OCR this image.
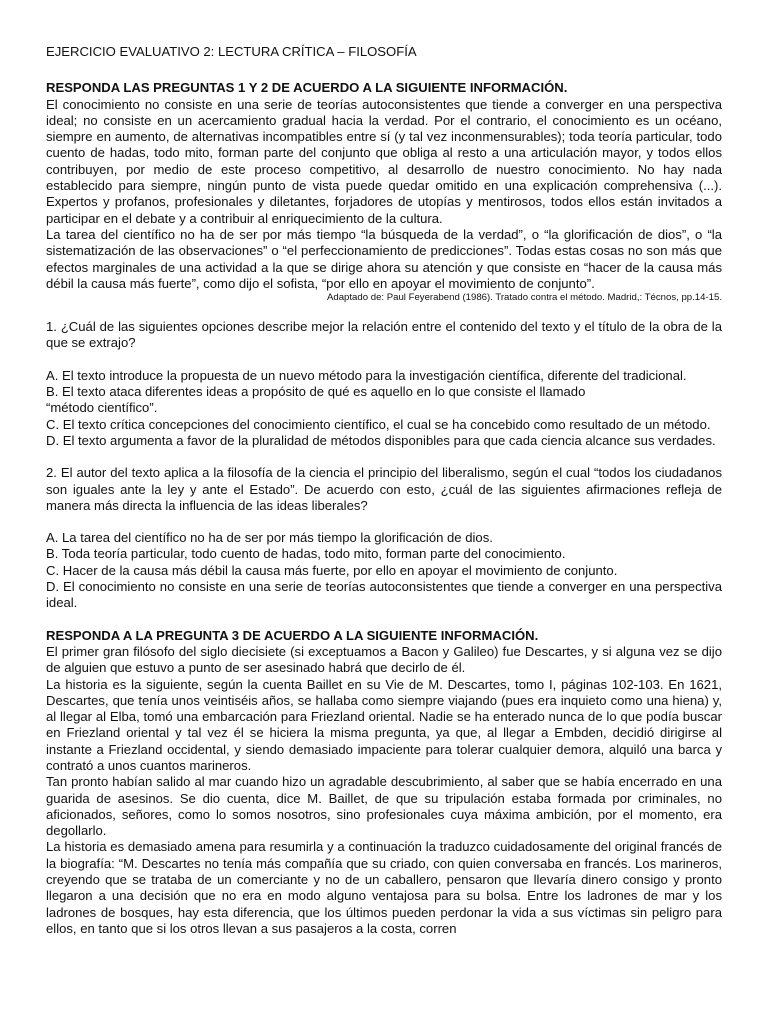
EJERCICIO EVALUATIVO 2: LECTURA CRÍTICA – FILOSOFÍA
RESPONDA LAS PREGUNTAS 1 Y 2 DE ACUERDO A LA SIGUIENTE INFORMACIÓN.

El conocimiento no consiste en una serie de teorías autoconsistentes que tiende a converger en una perspectiva ideal; no consiste en un acercamiento gradual hacia la verdad. Por el contrario, el conocimiento es un océano, siempre en aumento, de alternativas incompatibles entre sí (y tal vez inconmensurables); toda teoría particular, todo cuento de hadas, todo mito, forman parte del conjunto que obliga al resto a una articulación mayor, y todos ellos contribuyen, por medio de este proceso competitivo, al desarrollo de nuestro conocimiento. No hay nada establecido para siempre, ningún punto de vista puede quedar omitido en una explicación comprehensiva (...). Expertos y profanos, profesionales y diletantes, forjadores de utopías y mentirosos, todos ellos están invitados a participar en el debate y a contribuir al enriquecimiento de la cultura.

La tarea del científico no ha de ser por más tiempo “la búsqueda de la verdad”, o “la glorificación de dios”, o “la sistematización de las observaciones” o “el perfeccionamiento de predicciones”. Todas estas cosas no son más que efectos marginales de una actividad a la que se dirige ahora su atención y que consiste en “hacer de la causa más débil la causa más fuerte”, como dijo el sofista, “por ello en apoyar el movimiento de conjunto”.

Adaptado de: Paul Feyerabend (1986). Tratado contra el método. Madrid,: Técnos, pp.14-15.

1. ¿Cuál de las siguientes opciones describe mejor la relación entre el contenido del texto y el título de la obra de la que se extrajo?

A. El texto introduce la propuesta de un nuevo método para la investigación científica, diferente del tradicional.

B. El texto ataca diferentes ideas a propósito de qué es aquello en lo que consiste el llamado

“método científico”.

C. El texto crítica concepciones del conocimiento científico, el cual se ha concebido como resultado de un método.

D. El texto argumenta a favor de la pluralidad de métodos disponibles para que cada ciencia alcance sus verdades.

2. El autor del texto aplica a la filosofía de la ciencia el principio del liberalismo, según el cual “todos los ciudadanos son iguales ante la ley y ante el Estado”. De acuerdo con esto, ¿cuál de las siguientes afirmaciones refleja de manera más directa la influencia de las ideas liberales?

A. La tarea del científico no ha de ser por más tiempo la glorificación de dios.

B. Toda teoría particular, todo cuento de hadas, todo mito, forman parte del conocimiento.

C. Hacer de la causa más débil la causa más fuerte, por ello en apoyar el movimiento de conjunto.

D. El conocimiento no consiste en una serie de teorías autoconsistentes que tiende a converger en una perspectiva ideal.

RESPONDA A LA PREGUNTA 3 DE ACUERDO A LA SIGUIENTE INFORMACIÓN.

El primer gran filósofo del siglo diecisiete (si exceptuamos a Bacon y Galileo) fue Descartes, y si alguna vez se dijo de alguien que estuvo a punto de ser asesinado habrá que decirlo de él.

La historia es la siguiente, según la cuenta Baillet en su Vie de M. Descartes, tomo I, páginas 102-103. En 1621, Descartes, que tenía unos veintiséis años, se hallaba como siempre viajando (pues era inquieto como una hiena) y, al llegar al Elba, tomó una embarcación para Friezland oriental. Nadie se ha enterado nunca de lo que podía buscar en Friezland oriental y tal vez él se hiciera la misma pregunta, ya que, al llegar a Embden, decidió dirigirse al instante a Friezland occidental, y siendo demasiado impaciente para tolerar cualquier demora, alquiló una barca y contrató a unos cuantos marineros.

Tan pronto habían salido al mar cuando hizo un agradable descubrimiento, al saber que se había encerrado en una guarida de asesinos. Se dio cuenta, dice M. Baillet, de que su tripulación estaba formada por criminales, no aficionados, señores, como lo somos nosotros, sino profesionales cuya máxima ambición, por el momento, era degollarlo.

La historia es demasiado amena para resumirla y a continuación la traduzco cuidadosamente del original francés de la biografía: “M. Descartes no tenía más compañía que su criado, con quien conversaba en francés. Los marineros, creyendo que se trataba de un comerciante y no de un caballero, pensaron que llevaría dinero consigo y pronto llegaron a una decisión que no era en modo alguno ventajosa para su bolsa. Entre los ladrones de mar y los ladrones de bosques, hay esta diferencia, que los últimos pueden perdonar la vida a sus víctimas sin peligro para ellos, en tanto que si los otros llevan a sus pasajeros a la costa, corren
